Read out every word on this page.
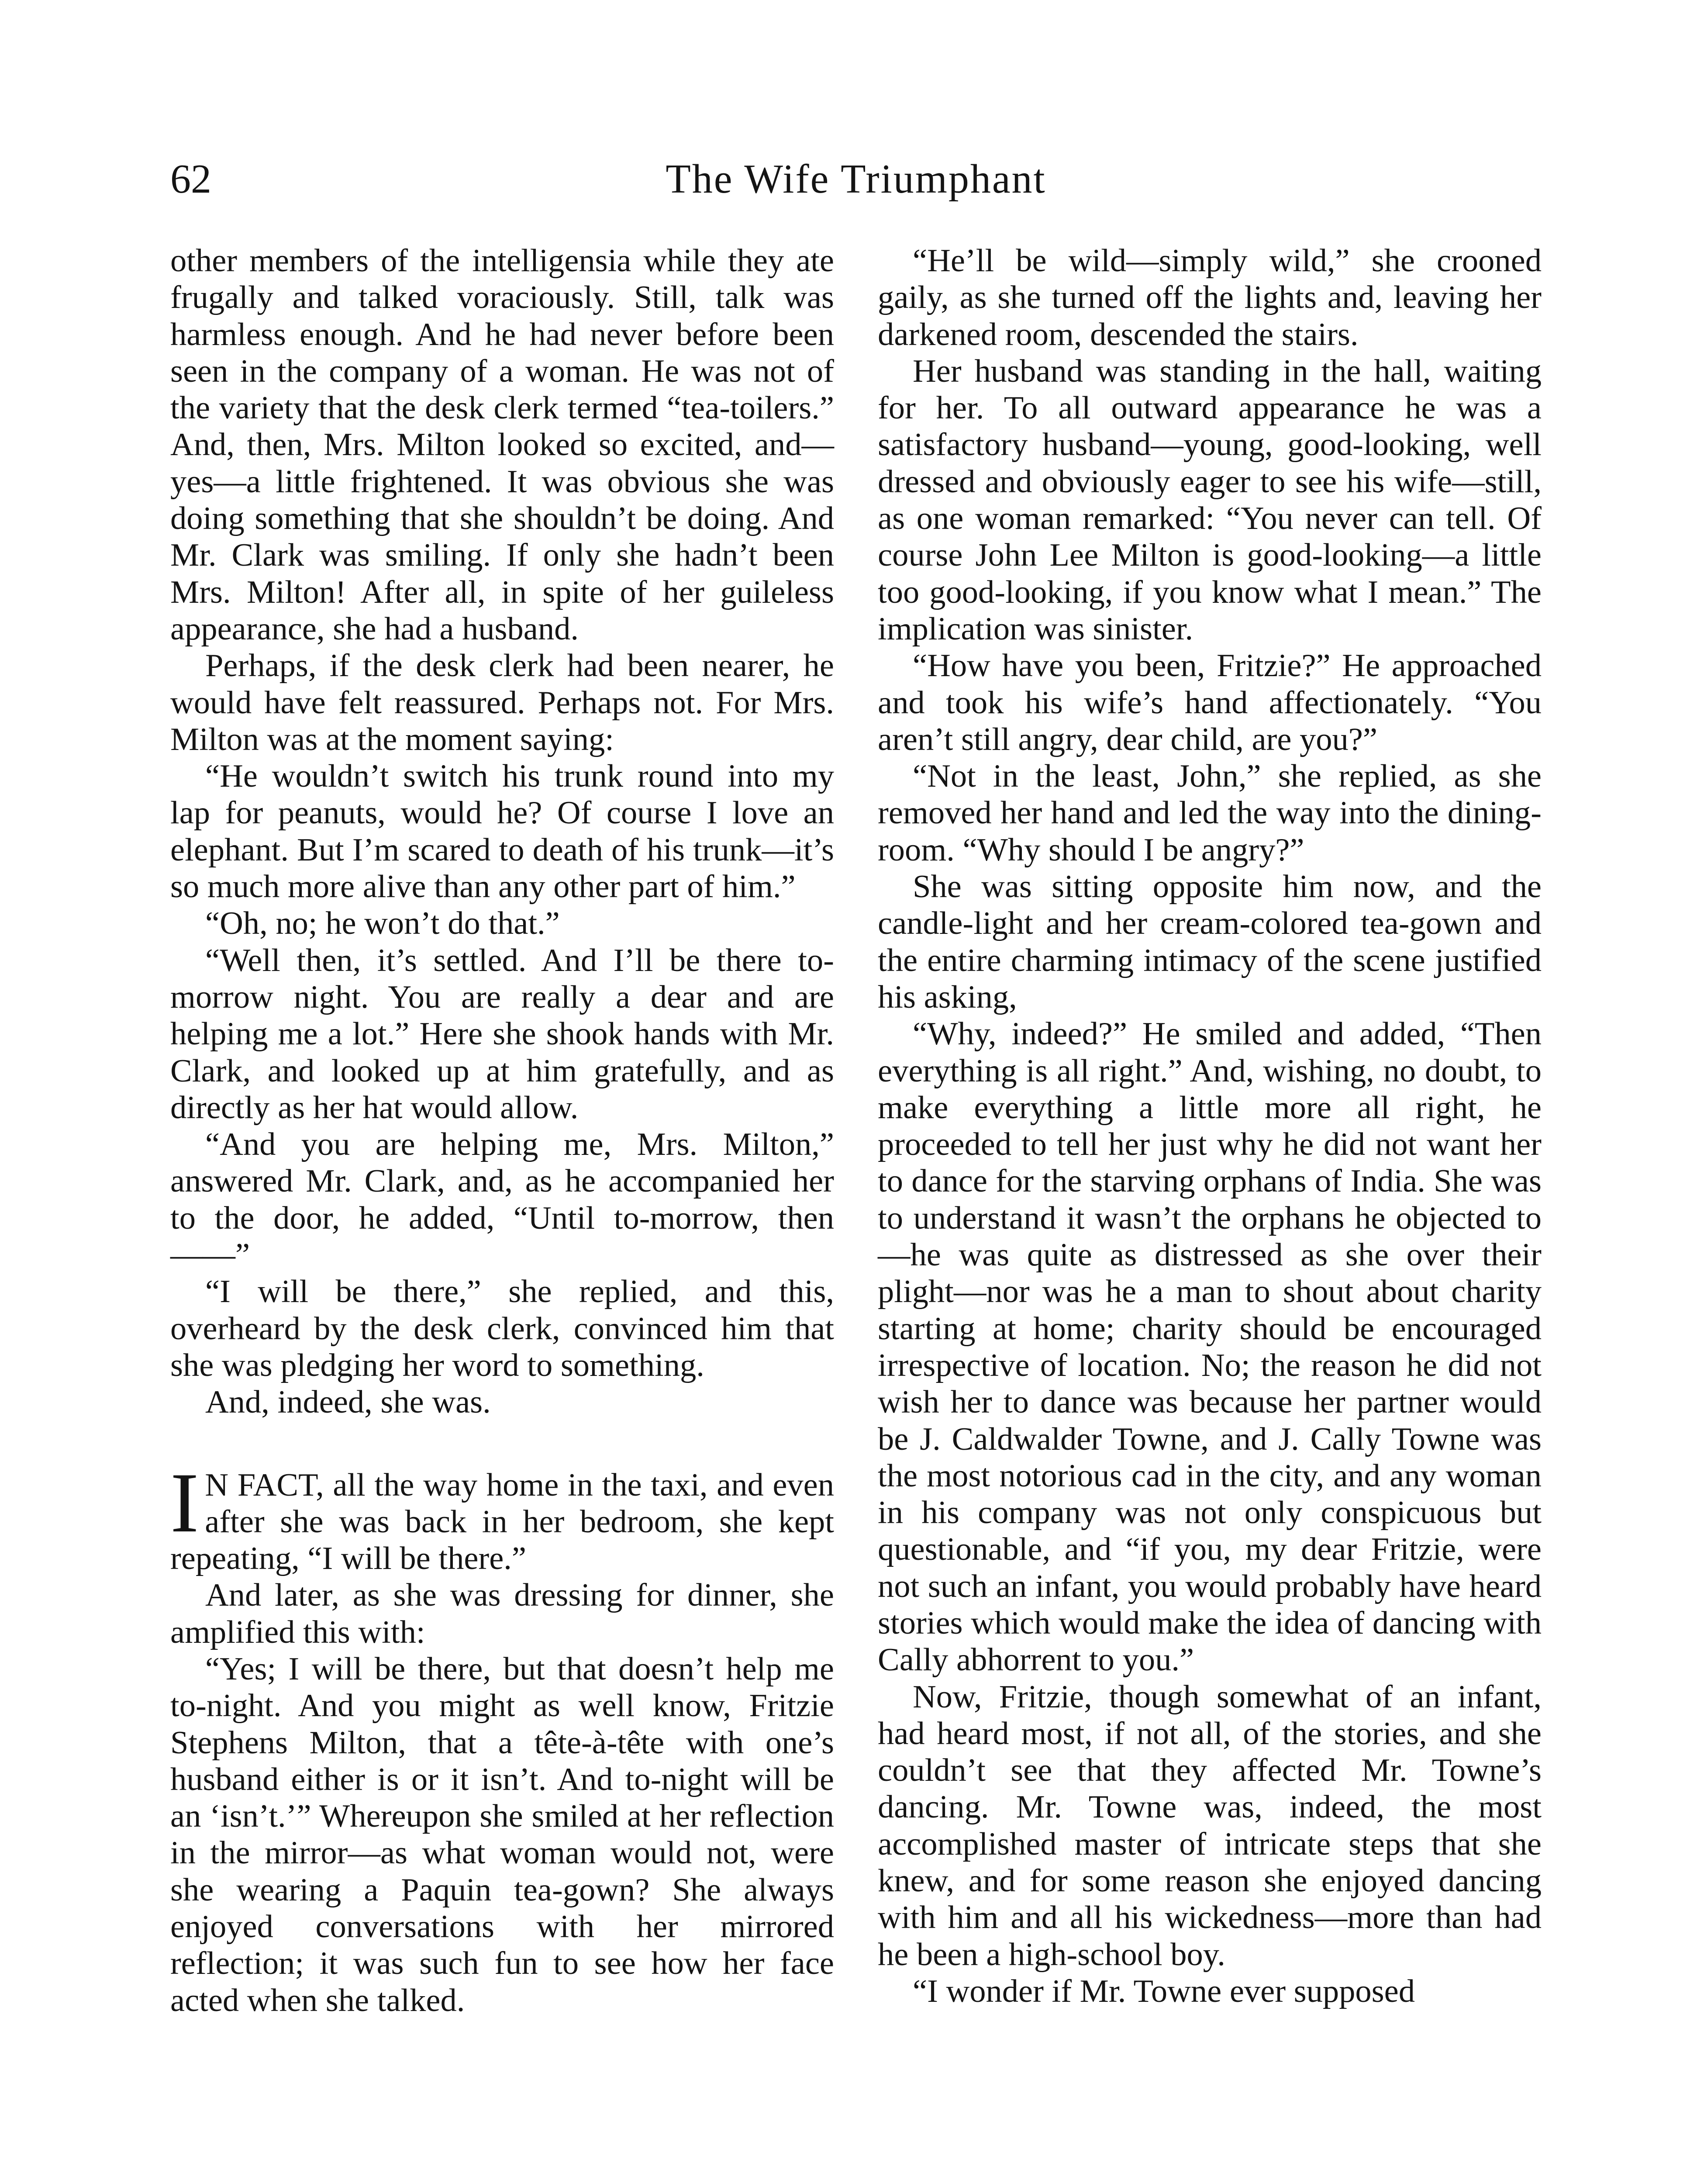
The Wife Triumphant
62

other members of the intelligensia while they ate frugally and talked voraciously. Still, talk was harmless enough. And he had never before been seen in the company of a woman. He was not of the variety that the desk clerk termed “tea-toilers.” And, then, Mrs. Milton looked so excited, and—yes—a little frightened. It was obvious she was doing something that she shouldn’t be doing. And Mr. Clark was smiling. If only she hadn’t been Mrs. Milton! After all, in spite of her guileless appearance, she had a husband.

Perhaps, if the desk clerk had been nearer, he would have felt reassured. Perhaps not. For Mrs. Milton was at the moment saying:

“He wouldn’t switch his trunk round into my lap for peanuts, would he? Of course I love an elephant. But I’m scared to death of his trunk—it’s so much more alive than any other part of him.”

“Oh, no; he won’t do that.”

“Well then, it’s settled. And I’ll be there to-morrow night. You are really a dear and are helping me a lot.” Here she shook hands with Mr. Clark, and looked up at him gratefully, and as directly as her hat would allow.

“And you are helping me, Mrs. Milton,” answered Mr. Clark, and, as he accompanied her to the door, he added, “Until to-morrow, then——”

“I will be there,” she replied, and this, overheard by the desk clerk, convinced him that she was pledging her word to something.

And, indeed, she was.

I N FACT, all the way home in the taxi, and even after she was back in her bedroom, she kept repeating, “I will be there.”

And later, as she was dressing for dinner, she amplified this with:

“Yes; I will be there, but that doesn’t help me to-night. And you might as well know, Fritzie Stephens Milton, that a tête-à-tête with one’s husband either is or it isn’t. And to-night will be an ‘isn’t.’” Whereupon she smiled at her reflection in the mirror—as what woman would not, were she wearing a Paquin tea-gown? She always enjoyed conversations with her mirrored reflection; it was such fun to see how her face acted when she talked.

“He’ll be wild—simply wild,” she crooned gaily, as she turned off the lights and, leaving her darkened room, descended the stairs.

Her husband was standing in the hall, waiting for her. To all outward appearance he was a satisfactory husband—young, good-looking, well dressed and obviously eager to see his wife—still, as one woman remarked: “You never can tell. Of course John Lee Milton is good-looking—a little too good-looking, if you know what I mean.” The implication was sinister.

“How have you been, Fritzie?” He approached and took his wife’s hand affectionately. “You aren’t still angry, dear child, are you?”

“Not in the least, John,” she replied, as she removed her hand and led the way into the dining-room. “Why should I be angry?”

She was sitting opposite him now, and the candle-light and her cream-colored tea-gown and the entire charming intimacy of the scene justified his asking,

“Why, indeed?” He smiled and added, “Then everything is all right.” And, wishing, no doubt, to make everything a little more all right, he proceeded to tell her just why he did not want her to dance for the starving orphans of India. She was to understand it wasn’t the orphans he objected to—he was quite as distressed as she over their plight—nor was he a man to shout about charity starting at home; charity should be encouraged irrespective of location. No; the reason he did not wish her to dance was because her partner would be J. Caldwalder Towne, and J. Cally Towne was the most notorious cad in the city, and any woman in his company was not only conspicuous but questionable, and “if you, my dear Fritzie, were not such an infant, you would probably have heard stories which would make the idea of dancing with Cally abhorrent to you.”

Now, Fritzie, though somewhat of an infant, had heard most, if not all, of the stories, and she couldn’t see that they affected Mr. Towne’s dancing. Mr. Towne was, indeed, the most accomplished master of intricate steps that she knew, and for some reason she enjoyed dancing with him and all his wickedness—more than had he been a high-school boy.

“I wonder if Mr. Towne ever supposed
